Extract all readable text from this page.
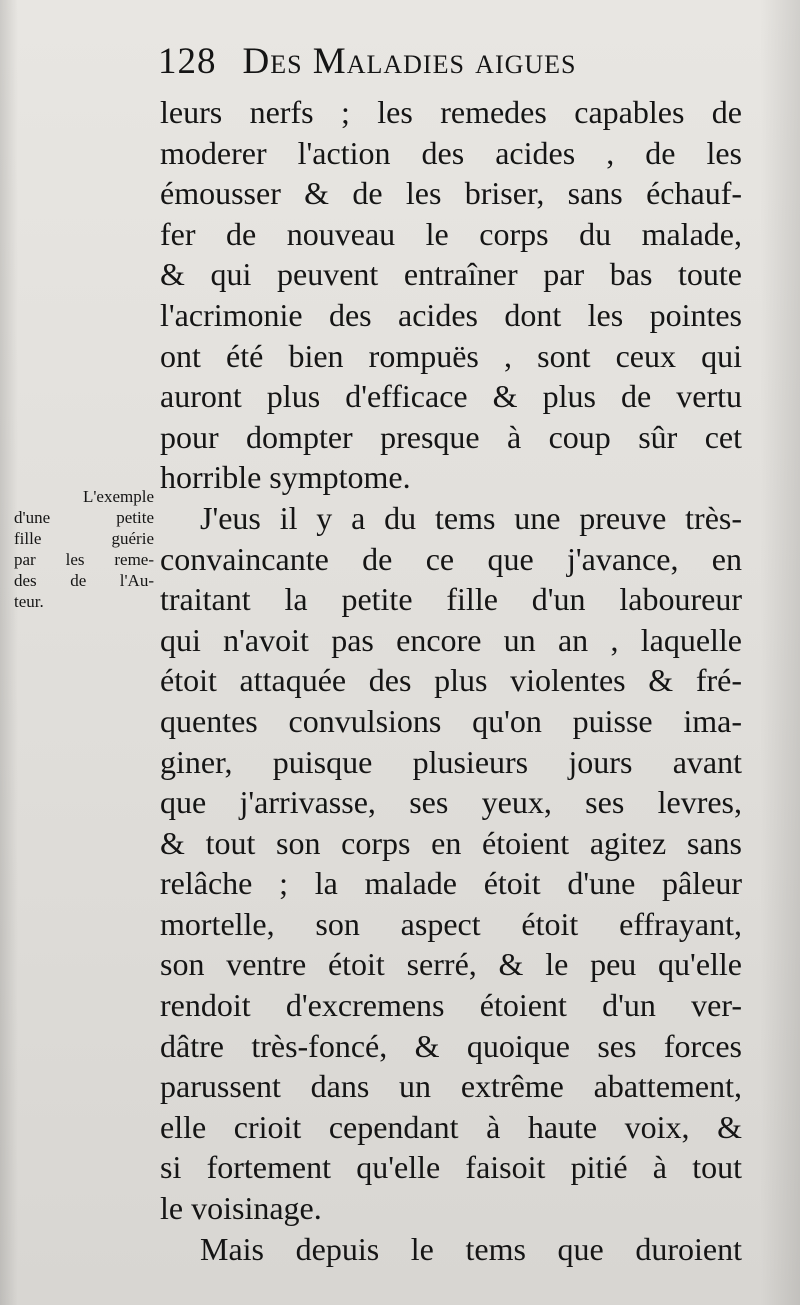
128 Des Maladies aigues
L'exemple
d'une petite
fille guérie
par les reme-
des de l'Au-
teur.
leurs nerfs ; les remedes capables de
moderer l'action des acides , de les
émousser & de les briser, sans échauf-
fer de nouveau le corps du malade,
& qui peuvent entraîner par bas toute
l'acrimonie des acides dont les pointes
ont été bien rompuës , sont ceux qui
auront plus d'efficace & plus de vertu
pour dompter presque à coup sûr cet
horrible symptome.
J'eus il y a du tems une preuve très-
convaincante de ce que j'avance, en
traitant la petite fille d'un laboureur
qui n'avoit pas encore un an , laquelle
étoit attaquée des plus violentes & fré-
quentes convulsions qu'on puisse ima-
giner, puisque plusieurs jours avant
que j'arrivasse, ses yeux, ses levres,
& tout son corps en étoient agitez sans
relâche ; la malade étoit d'une pâleur
mortelle, son aspect étoit effrayant,
son ventre étoit serré, & le peu qu'elle
rendoit d'excremens étoient d'un ver-
dâtre très-foncé, & quoique ses forces
parussent dans un extrême abattement,
elle crioit cependant à haute voix, &
si fortement qu'elle faisoit pitié à tout
le voisinage.
Mais depuis le tems que duroient
